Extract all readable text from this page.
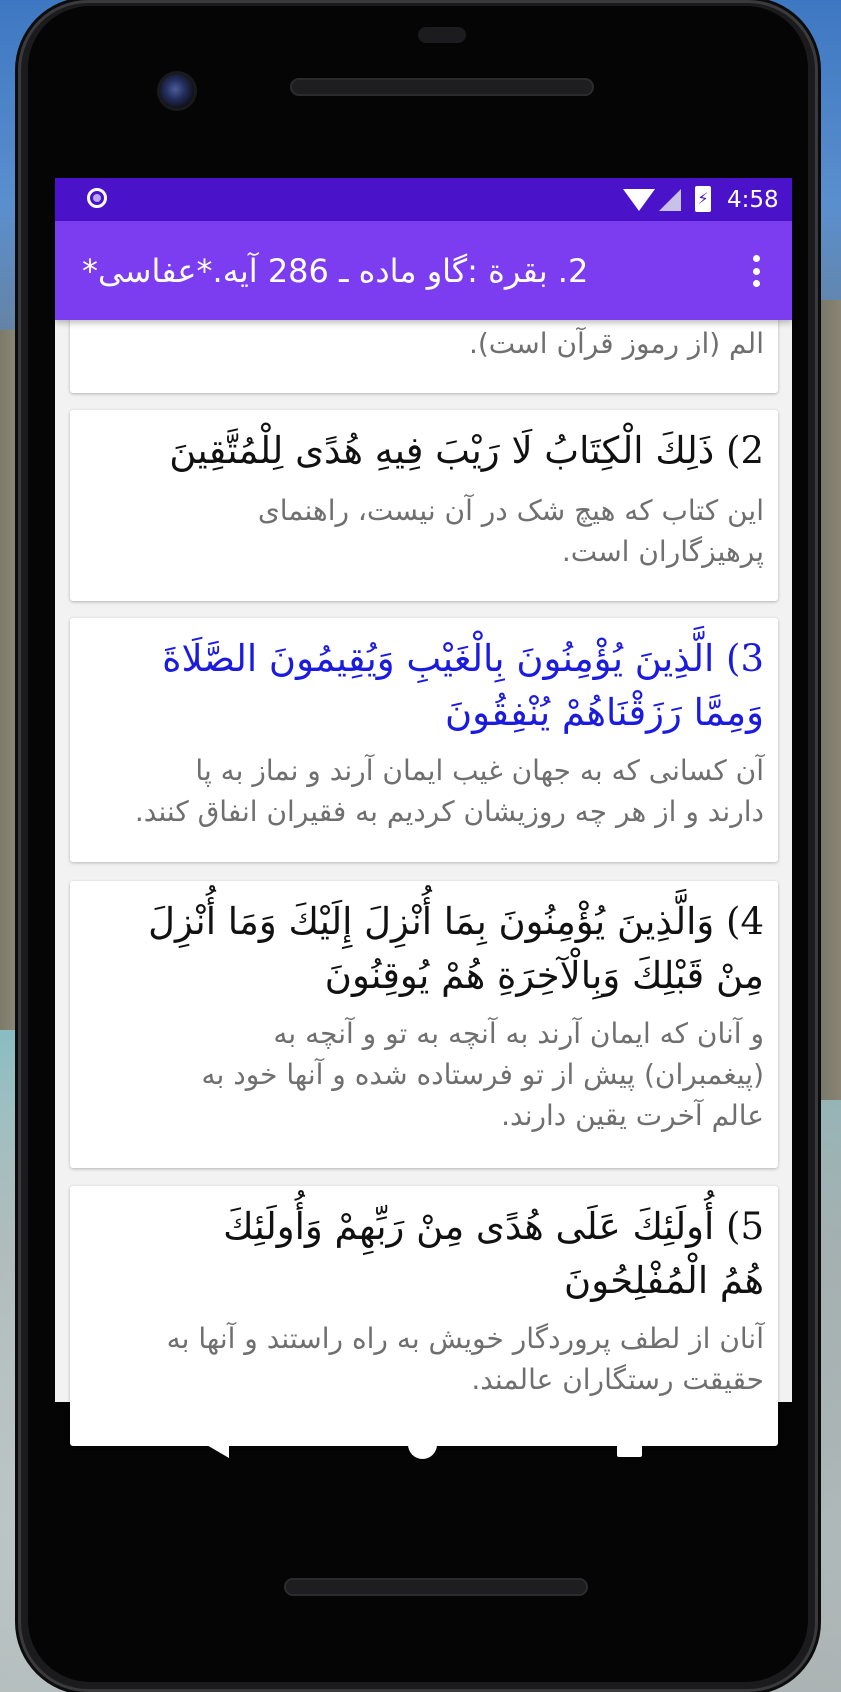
⚡ 4:58
2. بقرة :گاو ماده ـ 286 آیه.*عفاسی*
الم (از رموز قرآن است).
2) ذَلِكَ الْكِتَابُ لَا رَيْبَ فِيهِ هُدًى لِلْمُتَّقِينَ
این کتاب که هیچ شک در آن نیست، راهنمای
پرهیزگاران است.
3) الَّذِينَ يُؤْمِنُونَ بِالْغَيْبِ وَيُقِيمُونَ الصَّلَاةَ
وَمِمَّا رَزَقْنَاهُمْ يُنْفِقُونَ
آن کسانی که به جهان غیب ایمان آرند و نماز به پا
دارند و از هر چه روزیشان کردیم به فقیران انفاق کنند.
4) وَالَّذِينَ يُؤْمِنُونَ بِمَا أُنْزِلَ إِلَيْكَ وَمَا أُنْزِلَ
مِنْ قَبْلِكَ وَبِالْآخِرَةِ هُمْ يُوقِنُونَ
و آنان که ایمان آرند به آنچه به تو و آنچه به
(پیغمبران) پیش از تو فرستاده شده و آنها خود به
عالم آخرت یقین دارند.
5) أُولَئِكَ عَلَى هُدًى مِنْ رَبِّهِمْ وَأُولَئِكَ
هُمُ الْمُفْلِحُونَ
آنان از لطف پروردگار خویش به راه راستند و آنها به
حقیقت رستگاران عالمند.
